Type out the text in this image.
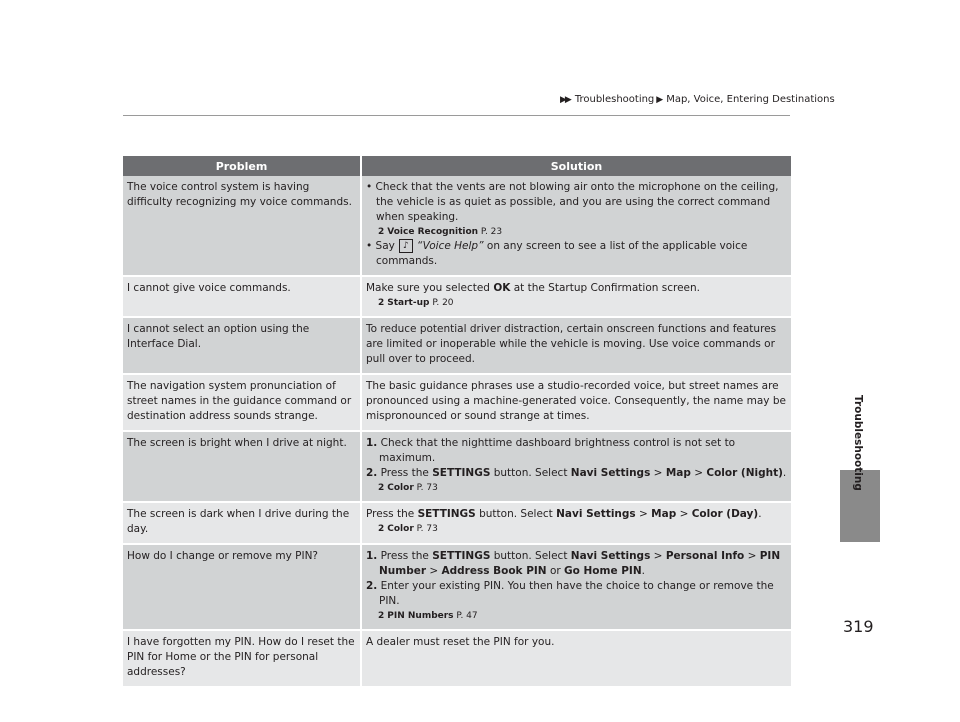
▶▶ Troubleshooting ▶ Map, Voice, Entering Destinations
Troubleshooting
Problem	Solution
The voice control system is having difficulty recognizing my voice commands.	• Check that the vents are not blowing air onto the microphone on the ceiling, the vehicle is as quiet as possible, and you are using the correct command when speaking.
2 Voice Recognition P. 23
• Say ♪ “Voice Help” on any screen to see a list of the applicable voice commands.

I cannot give voice commands.	Make sure you selected OK at the Startup Confirmation screen.
2 Start-up P. 20

I cannot select an option using the Interface Dial.	To reduce potential driver distraction, certain onscreen functions and features are limited or inoperable while the vehicle is moving. Use voice commands or pull over to proceed.
The navigation system pronunciation of street names in the guidance command or destination address sounds strange.	The basic guidance phrases use a studio-recorded voice, but street names are pronounced using a machine-generated voice. Consequently, the name may be mispronounced or sound strange at times.
The screen is bright when I drive at night.	1. Check that the nighttime dashboard brightness control is not set to maximum.
2. Press the SETTINGS button. Select Navi Settings > Map > Color (Night).
2 Color P. 73

The screen is dark when I drive during the day.	Press the SETTINGS button. Select Navi Settings > Map > Color (Day).
2 Color P. 73

How do I change or remove my PIN?	1. Press the SETTINGS button. Select Navi Settings > Personal Info > PIN Number > Address Book PIN or Go Home PIN.
2. Enter your existing PIN. You then have the choice to change or remove the PIN.
2 PIN Numbers P. 47

I have forgotten my PIN. How do I reset the PIN for Home or the PIN for personal addresses?	A dealer must reset the PIN for you.
319
